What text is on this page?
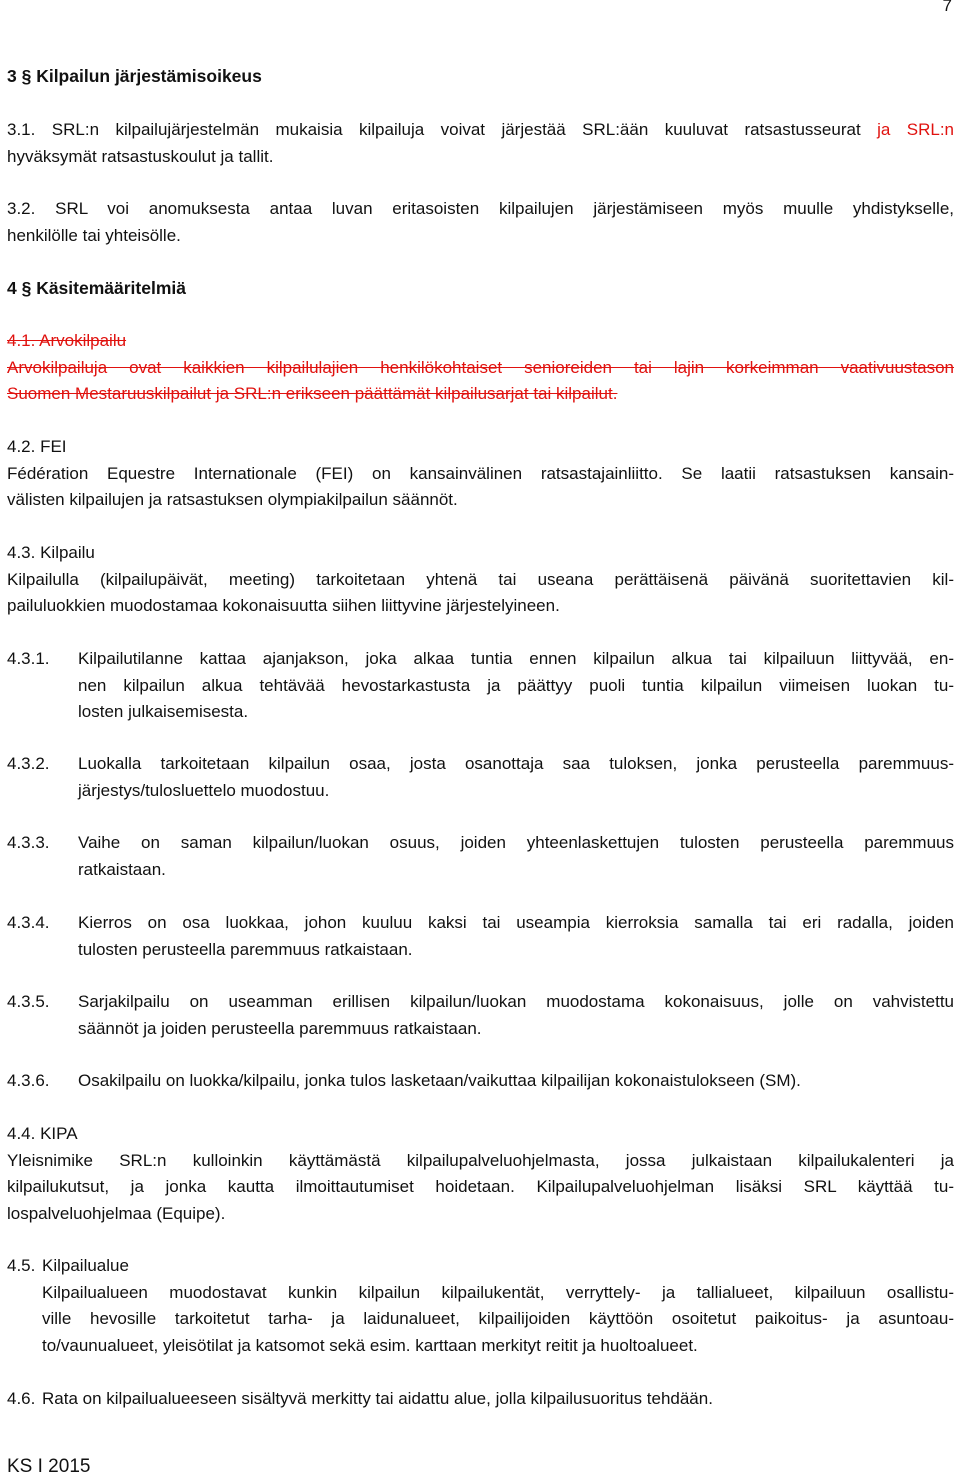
7
3 § Kilpailun järjestämisoikeus
3.1. SRL:n kilpailujärjestelmän mukaisia kilpailuja voivat järjestää SRL:ään kuuluvat ratsastusseurat ja SRL:n
hyväksymät ratsastuskoulut ja tallit.
3.2. SRL voi anomuksesta antaa luvan eritasoisten kilpailujen järjestämiseen myös muulle yhdistykselle,
henkilölle tai yhteisölle.
4 § Käsitemääritelmiä
4.1. Arvokilpailu
Arvokilpailuja ovat kaikkien kilpailulajien henkilökohtaiset senioreiden tai lajin korkeimman vaativuustason
Suomen Mestaruuskilpailut ja SRL:n erikseen päättämät kilpailusarjat tai kilpailut.
4.2. FEI
Fédération Equestre Internationale (FEI) on kansainvälinen ratsastajainliitto. Se laatii ratsastuksen kansain-
välisten kilpailujen ja ratsastuksen olympiakilpailun säännöt.
4.3. Kilpailu
Kilpailulla (kilpailupäivät, meeting) tarkoitetaan yhtenä tai useana perättäisenä päivänä suoritettavien kil-
pailuluokkien muodostamaa kokonaisuutta siihen liittyvine järjestelyineen.
4.3.1. Kilpailutilanne kattaa ajanjakson, joka alkaa tuntia ennen kilpailun alkua tai kilpailuun liittyvää, en-
nen kilpailun alkua tehtävää hevostarkastusta ja päättyy puoli tuntia kilpailun viimeisen luokan tu-
losten julkaisemisesta.
4.3.2. Luokalla tarkoitetaan kilpailun osaa, josta osanottaja saa tuloksen, jonka perusteella paremmuus-
järjestys/tulosluettelo muodostuu.
4.3.3. Vaihe on saman kilpailun/luokan osuus, joiden yhteenlaskettujen tulosten perusteella paremmuus
ratkaistaan.
4.3.4. Kierros on osa luokkaa, johon kuuluu kaksi tai useampia kierroksia samalla tai eri radalla, joiden
tulosten perusteella paremmuus ratkaistaan.
4.3.5. Sarjakilpailu on useamman erillisen kilpailun/luokan muodostama kokonaisuus, jolle on vahvistettu
säännöt ja joiden perusteella paremmuus ratkaistaan.
4.3.6. Osakilpailu on luokka/kilpailu, jonka tulos lasketaan/vaikuttaa kilpailijan kokonaistulokseen (SM).
4.4. KIPA
Yleisnimike SRL:n kulloinkin käyttämästä kilpailupalveluohjelmasta, jossa julkaistaan kilpailukalenteri ja
kilpailukutsut, ja jonka kautta ilmoittautumiset hoidetaan. Kilpailupalveluohjelman lisäksi SRL käyttää tu-
lospalveluohjelmaa (Equipe).
4.5. Kilpailualue
Kilpailualueen muodostavat kunkin kilpailun kilpailukentät, verryttely- ja tallialueet, kilpailuun osallistu-
ville hevosille tarkoitetut tarha- ja laidunalueet, kilpailijoiden käyttöön osoitetut paikoitus- ja asuntoau-
to/vaunualueet, yleisötilat ja katsomot sekä esim. karttaan merkityt reitit ja huoltoalueet.
4.6. Rata on kilpailualueeseen sisältyvä merkitty tai aidattu alue, jolla kilpailusuoritus tehdään.
KS I 2015
